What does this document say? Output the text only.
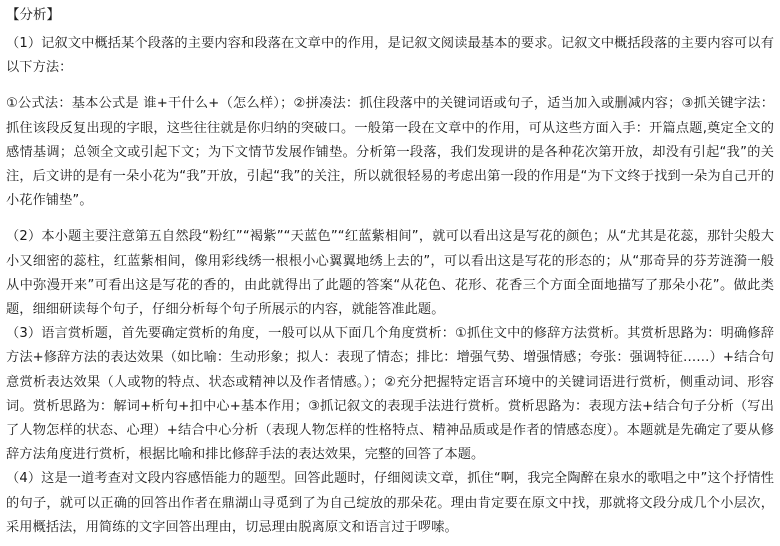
【分析】

（1）记叙文中概括某个段落的主要内容和段落在文章中的作用，是记叙文阅读最基本的要求。记叙文中概括段落的主要内容可以有以下方法：

①公式法：基本公式是 谁+干什么+（怎么样）；②拼凑法：抓住段落中的关键词语或句子，适当加入或删减内容；③抓关键字法：抓住该段反复出现的字眼，这些往往就是你归纳的突破口。一般第一段在文章中的作用，可从这些方面入手：开篇点题,奠定全文的感情基调；总领全文或引起下文；为下文情节发展作铺垫。分析第一段落，我们发现讲的是各种花次第开放，却没有引起“我”的关注，后文讲的是有一朵小花为“我”开放，引起“我”的关注，所以就很轻易的考虑出第一段的作用是“为下文终于找到一朵为自己开的小花作铺垫”。

（2）本小题主要注意第五自然段“粉红”“褐紫”“天蓝色”“红蓝紫相间”，就可以看出这是写花的颜色；从“尤其是花蕊，那针尖般大小又细密的蕊柱，红蓝紫相间，像用彩线绣一根根小心翼翼地绣上去的”，可以看出这是写花的形态的；从“那奇异的芬芳涟漪一般从中弥漫开来”可看出这是写花的香的，由此就得出了此题的答案“从花色、花形、花香三个方面全面地描写了那朵小花”。做此类题，细细研读每个句子，仔细分析每个句子所展示的内容，就能答准此题。

（3）语言赏析题，首先要确定赏析的角度，一般可以从下面几个角度赏析：①抓住文中的修辞方法赏析。其赏析思路为：明确修辞方法+修辞方法的表达效果（如比喻：生动形象；拟人：表现了情态；排比：增强气势、增强情感；夸张：强调特征……）+结合句意赏析表达效果（人或物的特点、状态或精神以及作者情感。）；②充分把握特定语言环境中的关键词语进行赏析，侧重动词、形容词。赏析思路为：解词+析句+扣中心+基本作用；③抓记叙文的表现手法进行赏析。赏析思路为：表现方法+结合句子分析（写出了人物怎样的状态、心理）+结合中心分析（表现人物怎样的性格特点、精神品质或是作者的情感态度）。本题就是先确定了要从修辞方法角度进行赏析，根据比喻和排比修辞手法的表达效果，完整的回答了本题。

（4）这是一道考查对文段内容感悟能力的题型。回答此题时，仔细阅读文章，抓住“啊，我完全陶醉在泉水的歌唱之中”这个抒情性的句子，就可以正确的回答出作者在鼎湖山寻觅到了为自己绽放的那朵花。理由肯定要在原文中找，那就将文段分成几个小层次，采用概括法，用简练的文字回答出理由，切忌理由脱离原文和语言过于啰嗦。
